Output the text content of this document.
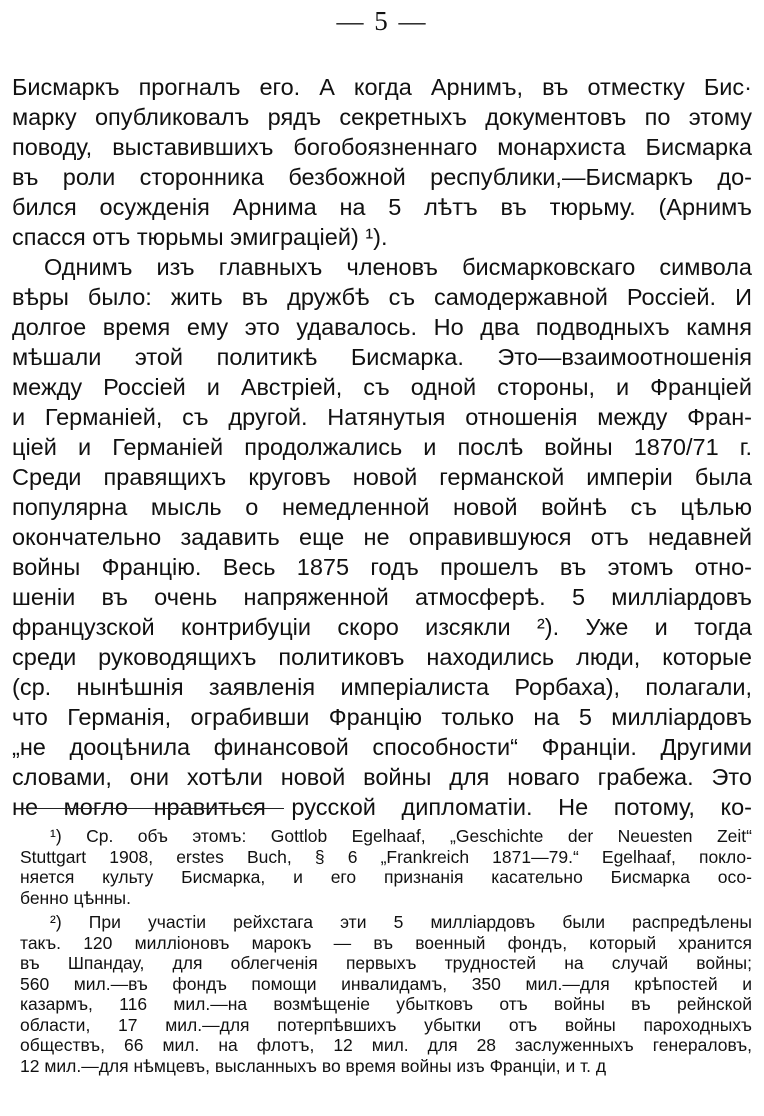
— 5 —
Бисмаркъ прогналъ его. А когда Арнимъ, въ отместку Бис·
марку опубликовалъ рядъ секретныхъ документовъ по этому
поводу, выставившихъ богобоязненнаго монархиста Бисмарка
въ роли сторонника безбожной республики,—Бисмаркъ до-
бился осужденія Арнима на 5 лѣтъ въ тюрьму. (Арнимъ
спасся отъ тюрьмы эмиграціей) ¹).
Однимъ изъ главныхъ членовъ бисмарковскаго символа
вѣры было: жить въ дружбѣ съ самодержавной Россіей. И
долгое время ему это удавалось. Но два подводныхъ камня
мѣшали этой политикѣ Бисмарка. Это—взаимоотношенія
между Россіей и Австріей, съ одной стороны, и Франціей
и Германіей, съ другой. Натянутыя отношенія между Фран-
ціей и Германіей продолжались и послѣ войны 1870/71 г.
Среди правящихъ круговъ новой германской имперіи была
популярна мысль о немедленной новой войнѣ съ цѣлью
окончательно задавить еще не оправившуюся отъ недавней
войны Францію. Весь 1875 годъ прошелъ въ этомъ отно-
шеніи въ очень напряженной атмосферѣ. 5 милліардовъ
французской контрибуціи скоро изсякли ²). Уже и тогда
среди руководящихъ политиковъ находились люди, которые
(ср. нынѣшнія заявленія имперіалиста Рорбаха), полагали,
что Германія, ограбивши Францію только на 5 милліардовъ
„не дооцѣнила финансовой способности“ Франціи. Другими
словами, они хотѣли новой войны для новаго грабежа. Это
не могло нравиться русской дипломатіи. Не потому, ко-
¹) Ср. объ этомъ: Gottlob Egelhaaf, „Geschichte der Neuesten Zeit“
Stuttgart 1908, erstes Buch, § 6 „Frankreich 1871—79.“ Egelhaaf, покло-
няется культу Бисмарка, и его признанія касательно Бисмарка осо-
бенно цѣнны.
²) При участіи рейхстага эти 5 милліардовъ были распредѣлены
такъ. 120 милліоновъ марокъ — въ военный фондъ, который хранится
въ Шпандау, для облегченія первыхъ трудностей на случай войны;
560 мил.—въ фондъ помощи инвалидамъ, 350 мил.—для крѣпостей и
казармъ, 116 мил.—на возмѣщеніе убытковъ отъ войны въ рейнской
области, 17 мил.—для потерпѣвшихъ убытки отъ войны пароходныхъ
обществъ, 66 мил. на флотъ, 12 мил. для 28 заслуженныхъ генераловъ,
12 мил.—для нѣмцевъ, высланныхъ во время войны изъ Франціи, и т. д
